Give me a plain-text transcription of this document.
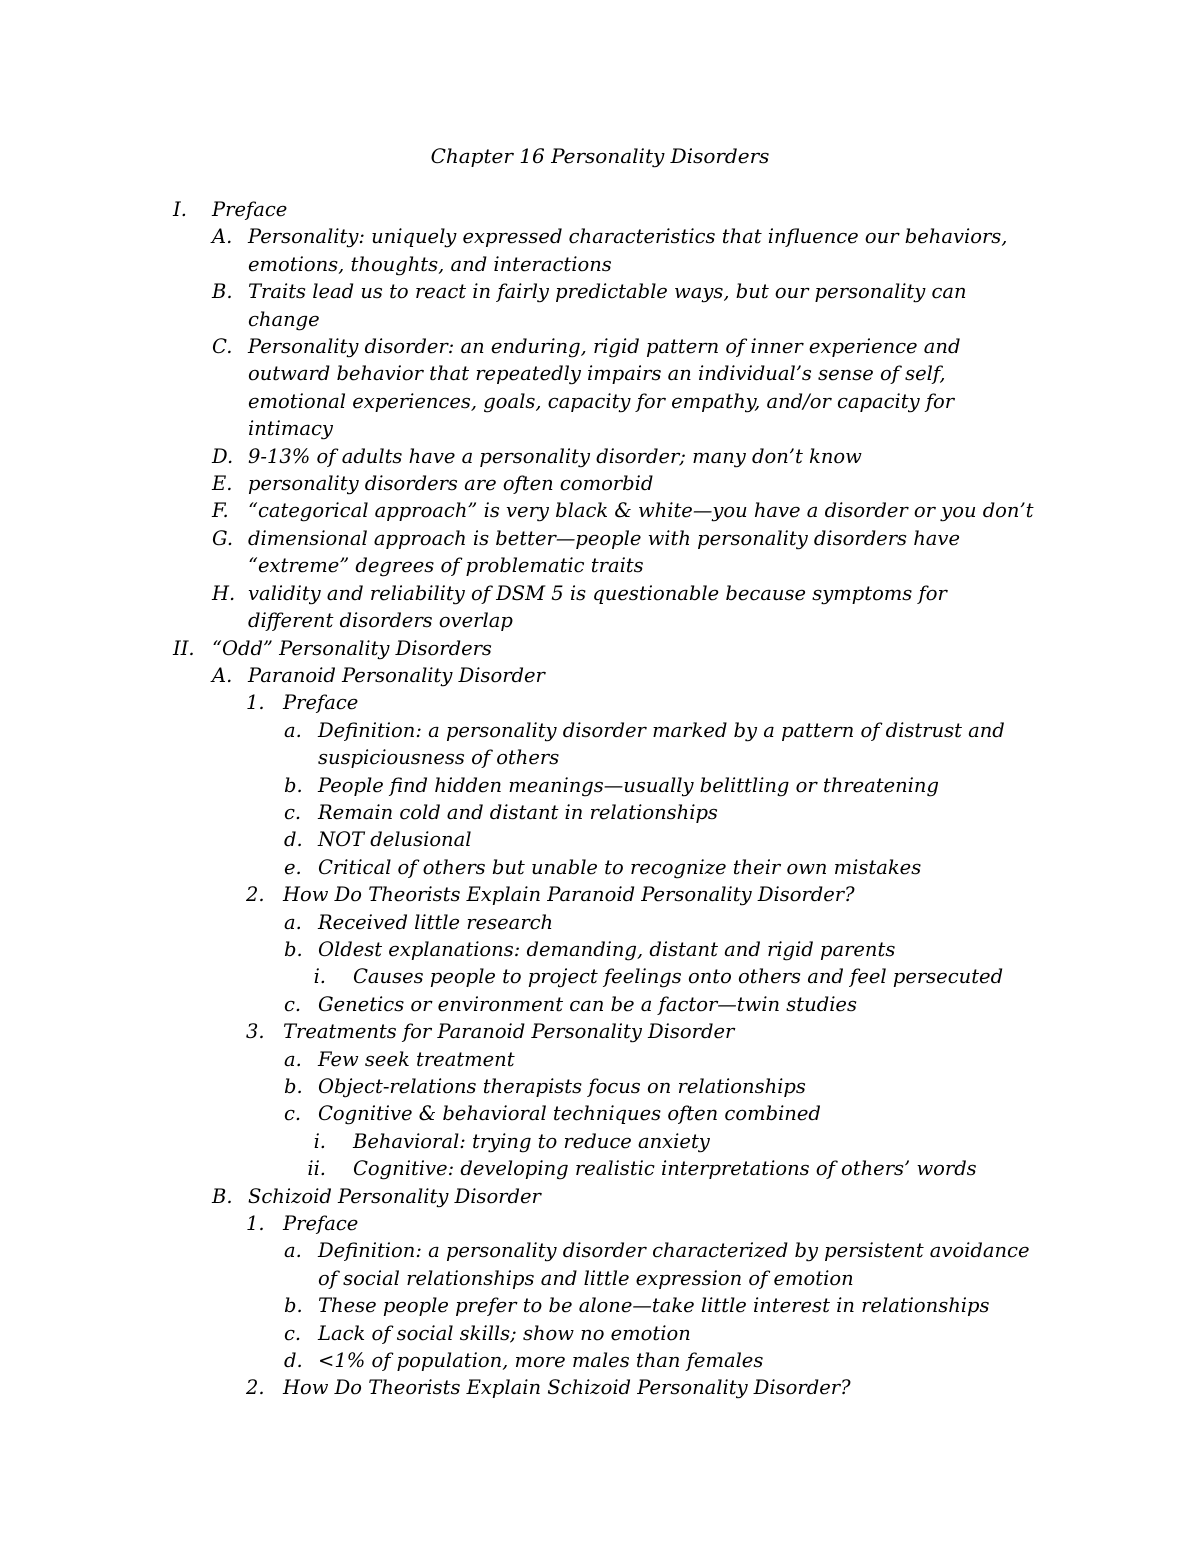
Chapter 16 Personality Disorders
I. Preface
A. Personality: uniquely expressed characteristics that influence our behaviors, emotions, thoughts, and interactions
B. Traits lead us to react in fairly predictable ways, but our personality can change
C. Personality disorder: an enduring, rigid pattern of inner experience and outward behavior that repeatedly impairs an individual’s sense of self, emotional experiences, goals, capacity for empathy, and/or capacity for intimacy
D. 9-13% of adults have a personality disorder; many don’t know
E. personality disorders are often comorbid
F. “categorical approach” is very black & white—you have a disorder or you don’t
G. dimensional approach is better—people with personality disorders have “extreme” degrees of problematic traits
H. validity and reliability of DSM 5 is questionable because symptoms for different disorders overlap
II. “Odd” Personality Disorders
A. Paranoid Personality Disorder
1. Preface
a. Definition: a personality disorder marked by a pattern of distrust and suspiciousness of others
b. People find hidden meanings—usually belittling or threatening
c. Remain cold and distant in relationships
d. NOT delusional
e. Critical of others but unable to recognize their own mistakes
2. How Do Theorists Explain Paranoid Personality Disorder?
a. Received little research
b. Oldest explanations: demanding, distant and rigid parents
i. Causes people to project feelings onto others and feel persecuted
c. Genetics or environment can be a factor—twin studies
3. Treatments for Paranoid Personality Disorder
a. Few seek treatment
b. Object-relations therapists focus on relationships
c. Cognitive & behavioral techniques often combined
i. Behavioral: trying to reduce anxiety
ii. Cognitive: developing realistic interpretations of others’ words
B. Schizoid Personality Disorder
1. Preface
a. Definition: a personality disorder characterized by persistent avoidance of social relationships and little expression of emotion
b. These people prefer to be alone—take little interest in relationships
c. Lack of social skills; show no emotion
d. <1% of population, more males than females
2. How Do Theorists Explain Schizoid Personality Disorder?
